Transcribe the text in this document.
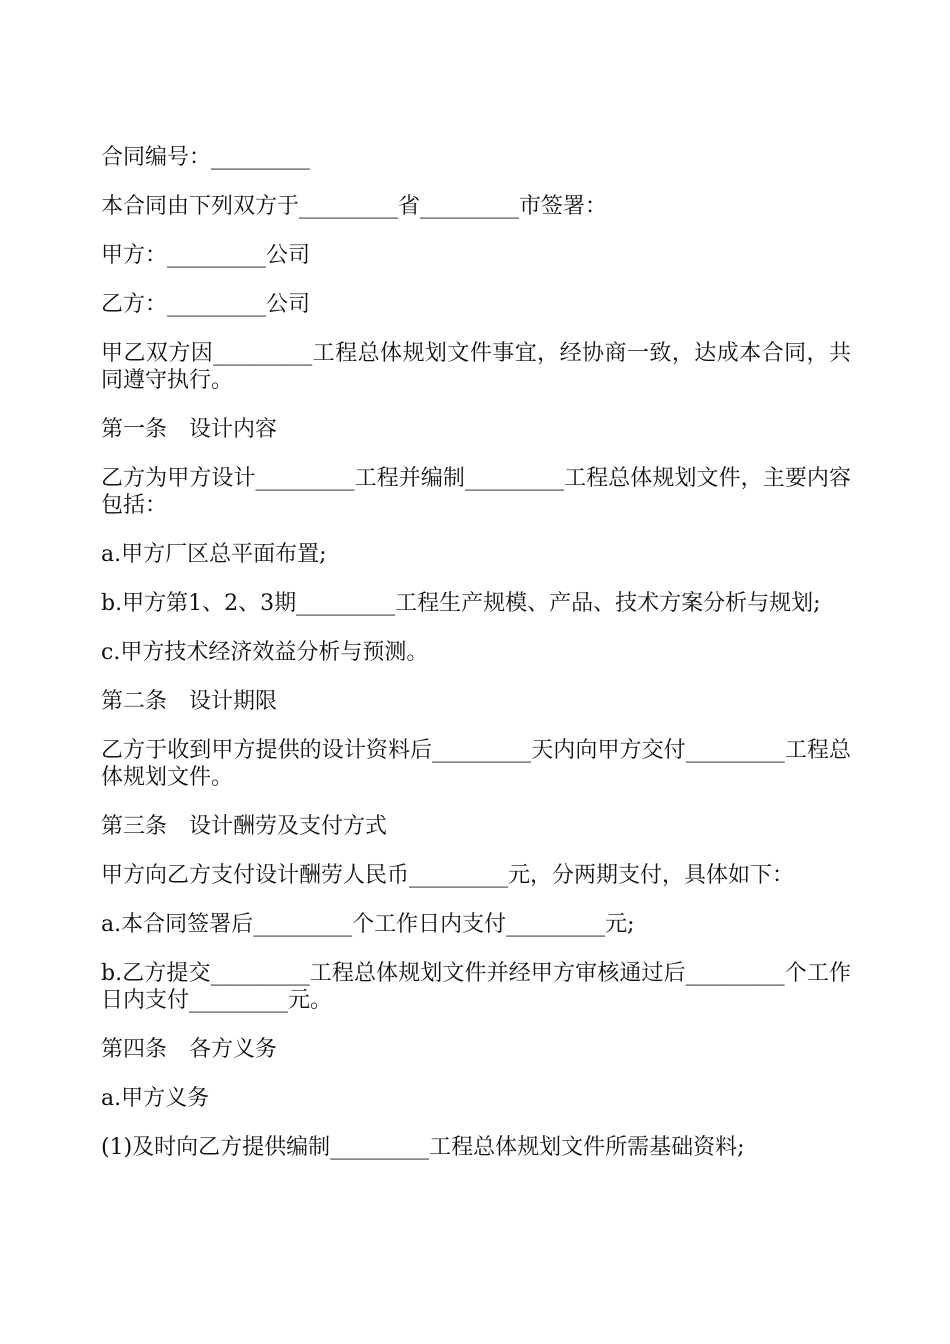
合同编号：_________

本合同由下列双方于_________省_________市签署：

甲方：_________公司

乙方：_________公司

甲乙双方因_________工程总体规划文件事宜，经协商一致，达成本合同，共同遵守执行。

第一条　设计内容

乙方为甲方设计_________工程并编制_________工程总体规划文件，主要内容包括：

a.甲方厂区总平面布置;

b.甲方第1、2、3期_________工程生产规模、产品、技术方案分析与规划;

c.甲方技术经济效益分析与预测。

第二条　设计期限

乙方于收到甲方提供的设计资料后_________天内向甲方交付_________工程总体规划文件。

第三条　设计酬劳及支付方式

甲方向乙方支付设计酬劳人民币_________元，分两期支付，具体如下：

a.本合同签署后_________个工作日内支付_________元;

b.乙方提交_________工程总体规划文件并经甲方审核通过后_________个工作日内支付_________元。

第四条　各方义务

a.甲方义务

(1)及时向乙方提供编制_________工程总体规划文件所需基础资料;
